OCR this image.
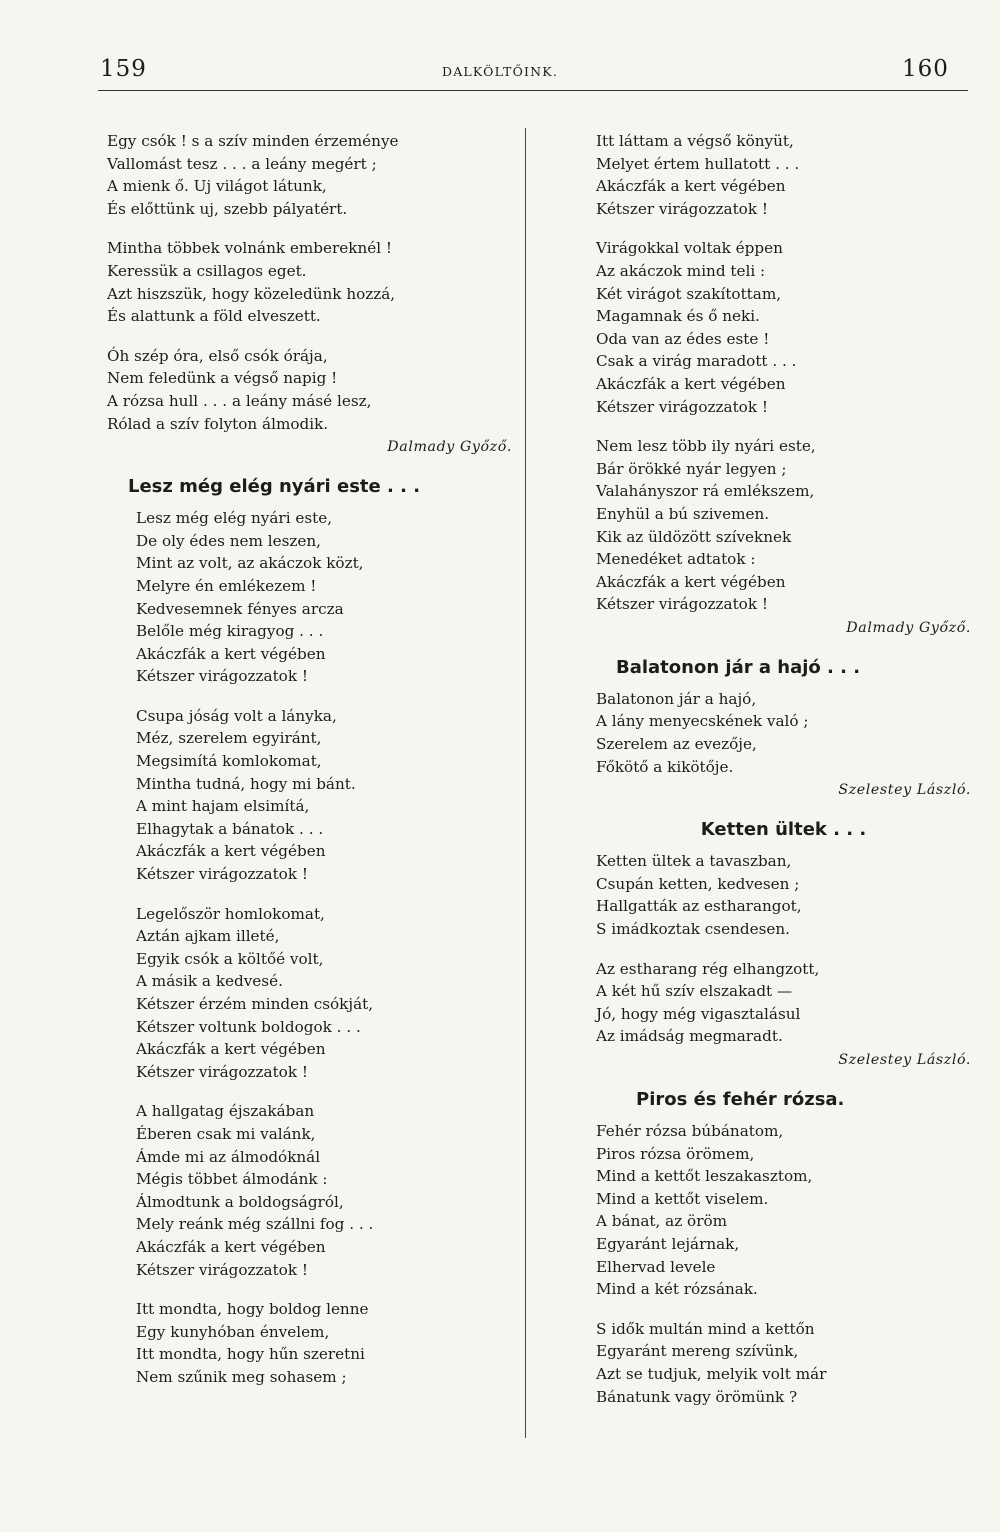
159	DALKÖLTŐINK.	160
Egy csók ! s a szív minden érzeménye
Vallomást tesz . . . a leány megért ;
A mienk ő. Uj világot látunk,
És előttünk uj, szebb pályatért.
Mintha többek volnánk embereknél !
Keressük a csillagos eget.
Azt hiszszük, hogy közeledünk hozzá,
És alattunk a föld elveszett.
Óh szép óra, első csók órája,
Nem feledünk a végső napig !
A rózsa hull . . . a leány másé lesz,
Rólad a szív folyton álmodik.
Dalmady Győző.
Lesz még elég nyári este . . .
Lesz még elég nyári este,
De oly édes nem leszen,
Mint az volt, az akáczok közt,
Melyre én emlékezem !
Kedvesemnek fényes arcza
Belőle még kiragyog . . .
Akáczfák a kert végében
Kétszer virágozzatok !
Csupa jóság volt a lányka,
Méz, szerelem egyiránt,
Megsimítá komlokomat,
Mintha tudná, hogy mi bánt.
A mint hajam elsimítá,
Elhagytak a bánatok . . .
Akáczfák a kert végében
Kétszer virágozzatok !
Legelőször homlokomat,
Aztán ajkam illeté,
Egyik csók a költőé volt,
A másik a kedvesé.
Kétszer érzém minden csókját,
Kétszer voltunk boldogok . . .
Akáczfák a kert végében
Kétszer virágozzatok !
A hallgatag éjszakában
Éberen csak mi valánk,
Ámde mi az álmodóknál
Mégis többet álmodánk :
Álmodtunk a boldogságról,
Mely reánk még szállni fog . . .
Akáczfák a kert végében
Kétszer virágozzatok !
Itt mondta, hogy boldog lenne
Egy kunyhóban énvelem,
Itt mondta, hogy hűn szeretni
Nem szűnik meg sohasem ;
Itt láttam a végső könyüt,
Melyet értem hullatott . . .
Akáczfák a kert végében
Kétszer virágozzatok !
Virágokkal voltak éppen
Az akáczok mind teli :
Két virágot szakítottam,
Magamnak és ő neki.
Oda van az édes este !
Csak a virág maradott . . .
Akáczfák a kert végében
Kétszer virágozzatok !
Nem lesz több ily nyári este,
Bár örökké nyár legyen ;
Valahányszor rá emlékszem,
Enyhül a bú szivemen.
Kik az üldözött szíveknek
Menedéket adtatok :
Akáczfák a kert végében
Kétszer virágozzatok !
Dalmady Győző.
Balatonon jár a hajó . . .
Balatonon jár a hajó,
A lány menyecskének való ;
Szerelem az evezője,
Főkötő a kikötője.
Szelestey László.
Ketten ültek . . .
Ketten ültek a tavaszban,
Csupán ketten, kedvesen ;
Hallgatták az estharangot,
S imádkoztak csendesen.
Az estharang rég elhangzott,
A két hű szív elszakadt —
Jó, hogy még vigasztalásul
Az imádság megmaradt.
Szelestey László.
Piros és fehér rózsa.
Fehér rózsa búbánatom,
Piros rózsa örömem,
Mind a kettőt leszakasztom,
Mind a kettőt viselem.
A bánat, az öröm
Egyaránt lejárnak,
Elhervad levele
Mind a két rózsának.
S idők multán mind a kettőn
Egyaránt mereng szívünk,
Azt se tudjuk, melyik volt már
Bánatunk vagy örömünk ?
